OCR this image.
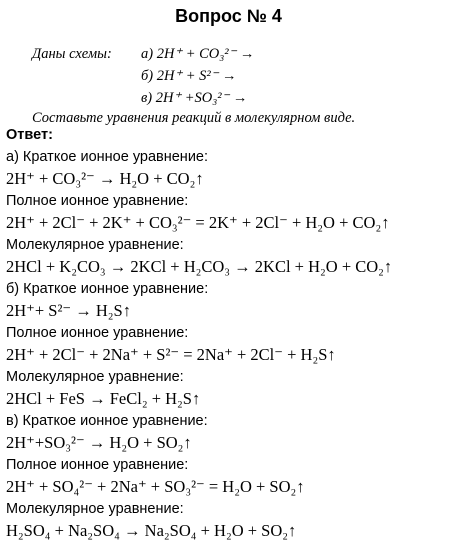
Вопрос № 4
Даны схемы: а) 2H⁺ + CO₃²⁻ →
б) 2H⁺ + S²⁻ →
в) 2H⁺ +SO₃²⁻ →
Составьте уравнения реакций в молекулярном виде.
Ответ:
а) Краткое ионное уравнение:
2H⁺ + CO₃²⁻ → H₂O + CO₂↑
Полное ионное уравнение:
2H⁺ + 2Cl⁻ + 2K⁺ + CO₃²⁻ = 2K⁺ + 2Cl⁻ + H₂O + CO₂↑
Молекулярное уравнение:
2HCl + K₂CO₃ → 2KCl + H₂CO₃ → 2KCl + H₂O + CO₂↑
б) Краткое ионное уравнение:
2H⁺+ S²⁻ → H₂S↑
Полное ионное уравнение:
2H⁺ + 2Cl⁻ + 2Na⁺ + S²⁻ = 2Na⁺ + 2Cl⁻ + H₂S↑
Молекулярное уравнение:
2HCl + FeS → FeCl₂ + H₂S↑
в) Краткое ионное уравнение:
2H⁺+SO₃²⁻ → H₂O + SO₂↑
Полное ионное уравнение:
2H⁺ + SO₄²⁻ + 2Na⁺ + SO₃²⁻ = H₂O + SO₂↑
Молекулярное уравнение:
H₂SO₄ + Na₂SO₄ → Na₂SO₄ + H₂O + SO₂↑
